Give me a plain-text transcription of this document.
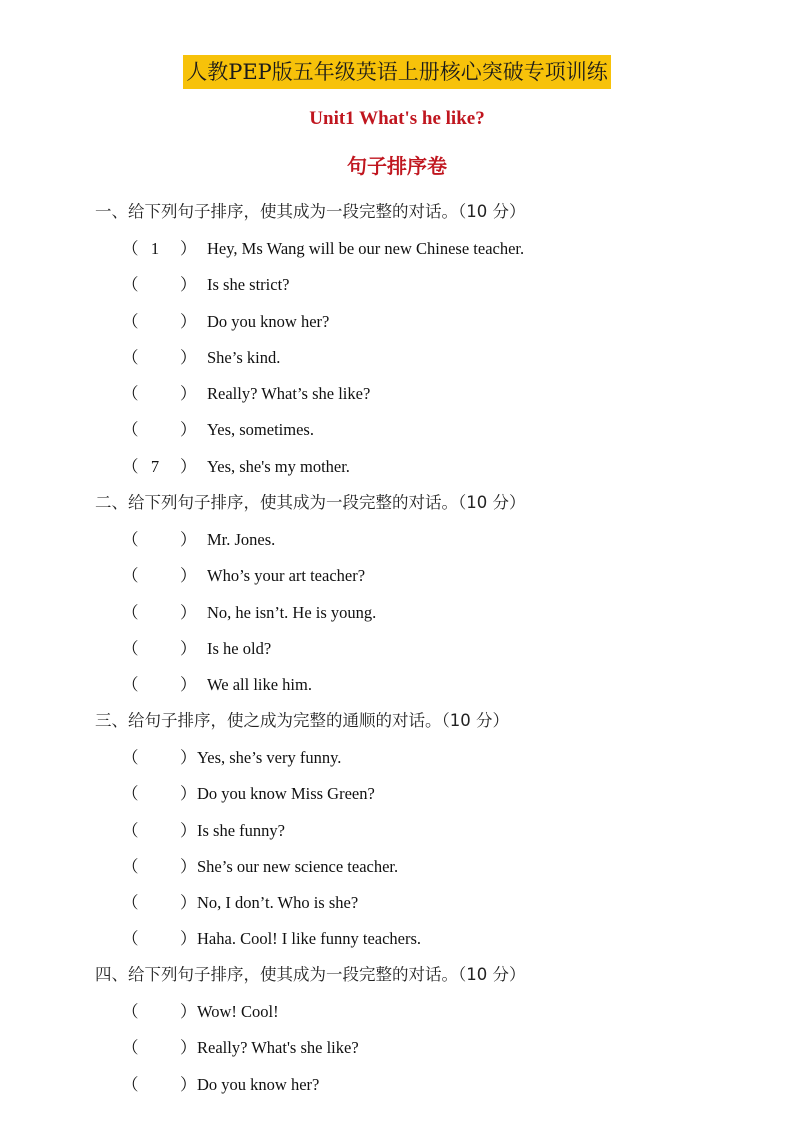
人教PEP版五年级英语上册核心突破专项训练
Unit1 What's he like?
句子排序卷
一、给下列句子排序，使其成为一段完整的对话。（10 分）
（ 1	） Hey, Ms Wang will be our new Chinese teacher.
（	） Is she strict?
（	） Do you know her?
（	） She’s kind.
（	） Really? What’s she like?
（	） Yes, sometimes.
（ 7	） Yes, she's my mother.
二、给下列句子排序，使其成为一段完整的对话。（10 分）
（	） Mr. Jones.
（	） Who’s your art teacher?
（	） No, he isn’t. He is young.
（	） Is he old?
（	） We all like him.
三、给句子排序，使之成为完整的通顺的对话。（10 分）
（	） Yes, she’s very funny.
（	） Do you know Miss Green?
（	） Is she funny?
（	） She’s our new science teacher.
（	） No, I don’t. Who is she?
（	） Haha. Cool! I like funny teachers.
四、给下列句子排序，使其成为一段完整的对话。（10 分）
（	） Wow! Cool!
（	） Really? What's she like?
（	） Do you know her?
